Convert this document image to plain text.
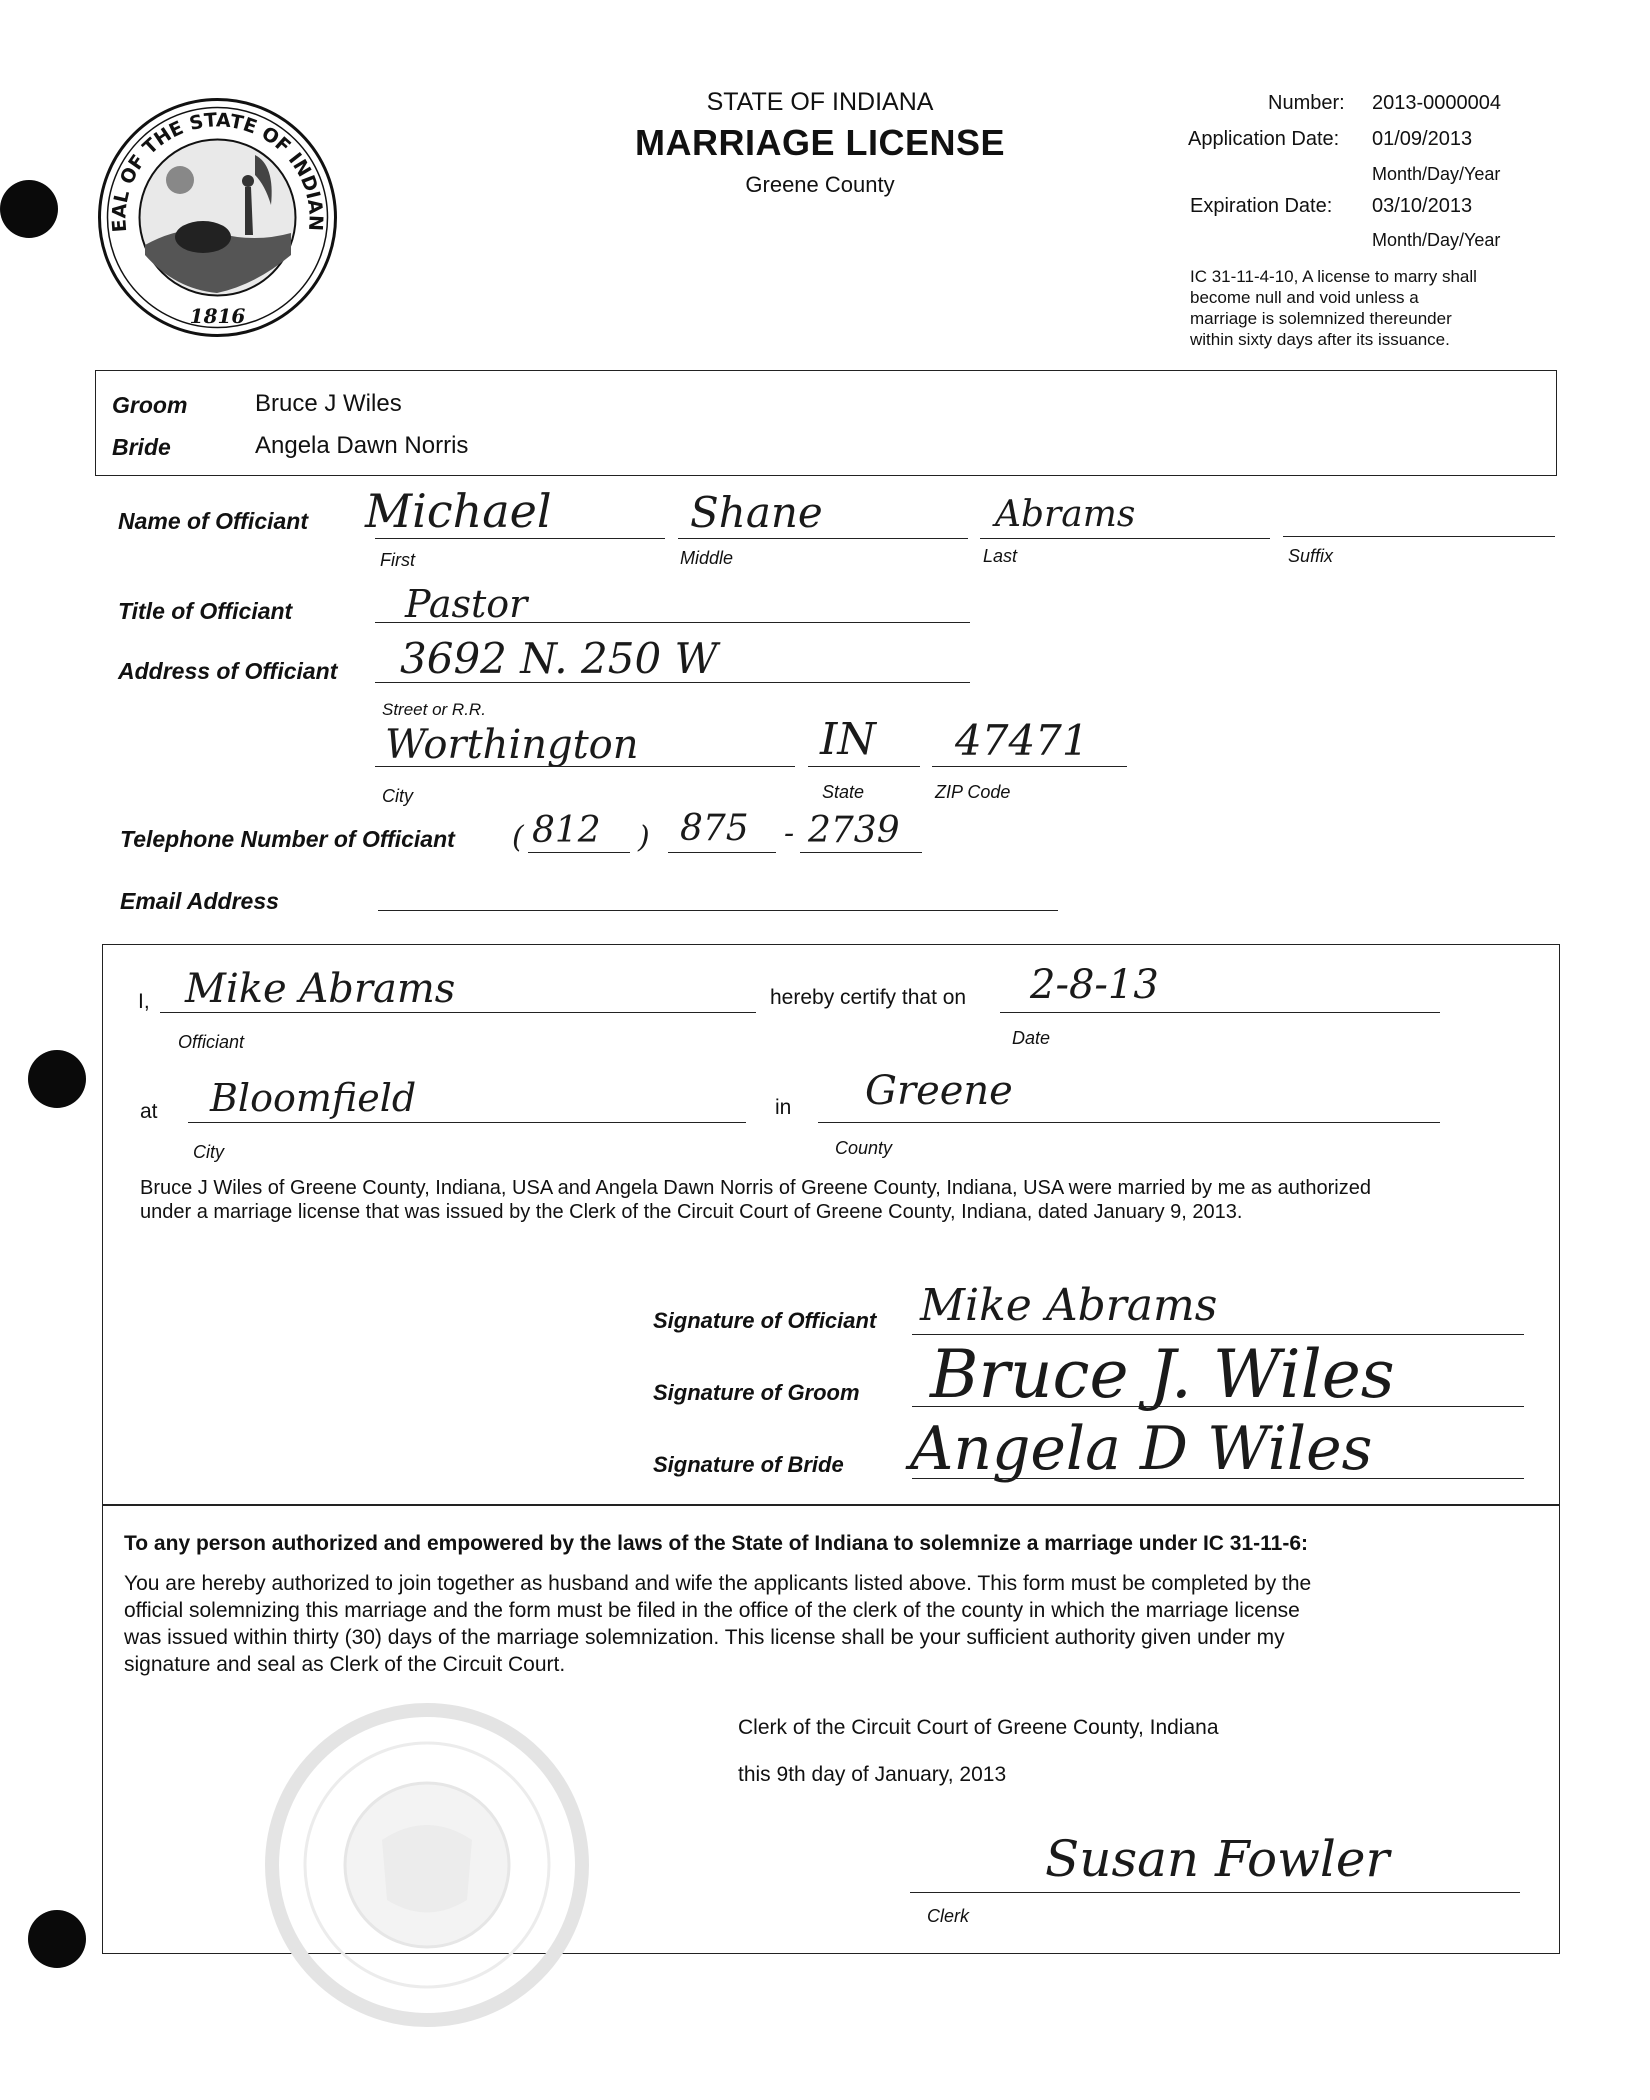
EAL OF THE STATE OF INDIAN
1816
STATE OF INDIANA
MARRIAGE LICENSE
Greene County
Number: 2013-0000004
Application Date: 01/09/2013
Month/Day/Year
Expiration Date: 03/10/2013
Month/Day/Year
IC 31-11-4-10, A license to marry shall
become null and void unless a
marriage is solemnized thereunder
within sixty days after its issuance.
Groom	Bruce J Wiles
Bride	Angela Dawn Norris
Name of Officiant Michael	Shane	Abrams
First	Middle	Last	Suffix
Title of Officiant	Pastor
Address of Officiant 3692 N. 250 W
Street or R.R.
Worthington	IN 47471
City	State	ZIP Code
Telephone Number of Officiant ( 812 ) 875 - 2739
Email Address
I, Mike Abrams
Officiant
hereby certify that on 2-8-13
Date
at Bloomfield
City
in Greene
County
Bruce J Wiles of Greene County, Indiana, USA and Angela Dawn Norris of Greene County, Indiana, USA were married by me as authorized
under a marriage license that was issued by the Clerk of the Circuit Court of Greene County, Indiana, dated January 9, 2013.
Signature of Officiant Mike Abrams
Signature of Groom Bruce J. Wiles
Signature of Bride Angela D Wiles
To any person authorized and empowered by the laws of the State of Indiana to solemnize a marriage under IC 31-11-6:
You are hereby authorized to join together as husband and wife the applicants listed above. This form must be completed by the
official solemnizing this marriage and the form must be filed in the office of the clerk of the county in which the marriage license
was issued within thirty (30) days of the marriage solemnization. This license shall be your sufficient authority given under my
signature and seal as Clerk of the Circuit Court.
Clerk of the Circuit Court of Greene County, Indiana
this 9th day of January, 2013
Susan Fowler
Clerk
